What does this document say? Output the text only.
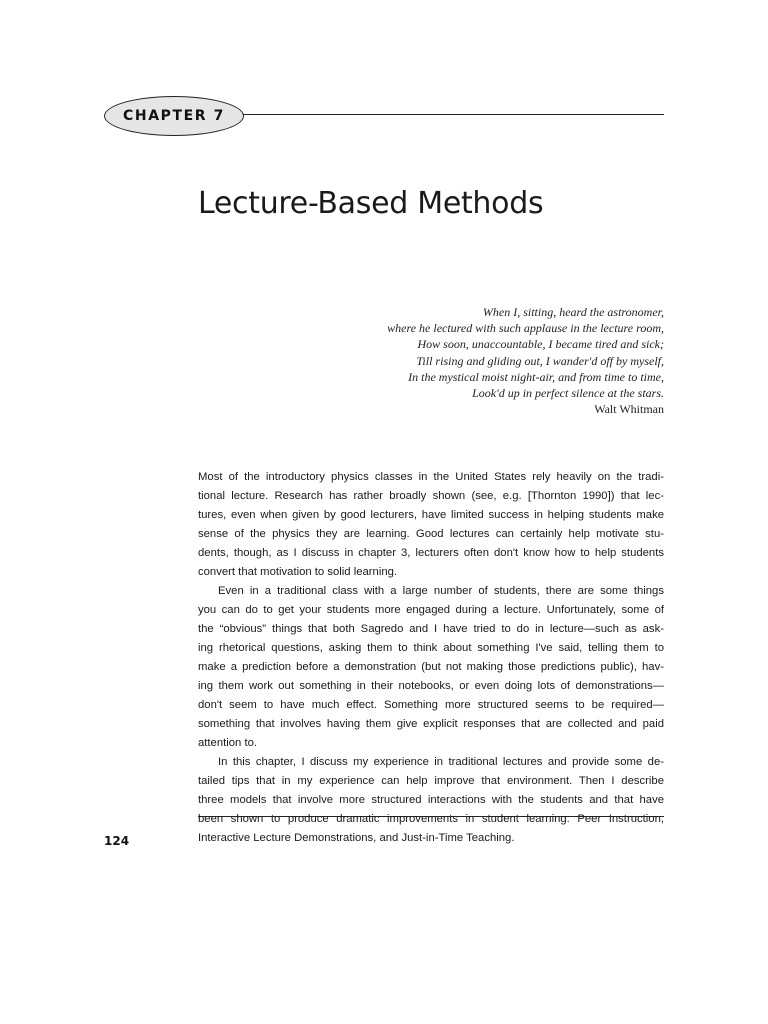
CHAPTER 7
Lecture-Based Methods
When I, sitting, heard the astronomer,
where he lectured with such applause in the lecture room,
How soon, unaccountable, I became tired and sick;
Till rising and gliding out, I wander'd off by myself,
In the mystical moist night-air, and from time to time,
Look'd up in perfect silence at the stars.
Walt Whitman
Most of the introductory physics classes in the United States rely heavily on the tradi-
tional lecture. Research has rather broadly shown (see, e.g. [Thornton 1990]) that lec-
tures, even when given by good lecturers, have limited success in helping students make
sense of the physics they are learning. Good lectures can certainly help motivate stu-
dents, though, as I discuss in chapter 3, lecturers often don't know how to help students
convert that motivation to solid learning.
Even in a traditional class with a large number of students, there are some things
you can do to get your students more engaged during a lecture. Unfortunately, some of
the “obvious” things that both Sagredo and I have tried to do in lecture—such as ask-
ing rhetorical questions, asking them to think about something I've said, telling them to
make a prediction before a demonstration (but not making those predictions public), hav-
ing them work out something in their notebooks, or even doing lots of demonstrations—
don't seem to have much effect. Something more structured seems to be required—
something that involves having them give explicit responses that are collected and paid
attention to.
In this chapter, I discuss my experience in traditional lectures and provide some de-
tailed tips that in my experience can help improve that environment. Then I describe
three models that involve more structured interactions with the students and that have
been shown to produce dramatic improvements in student learning: Peer Instruction,
Interactive Lecture Demonstrations, and Just-in-Time Teaching.
124
